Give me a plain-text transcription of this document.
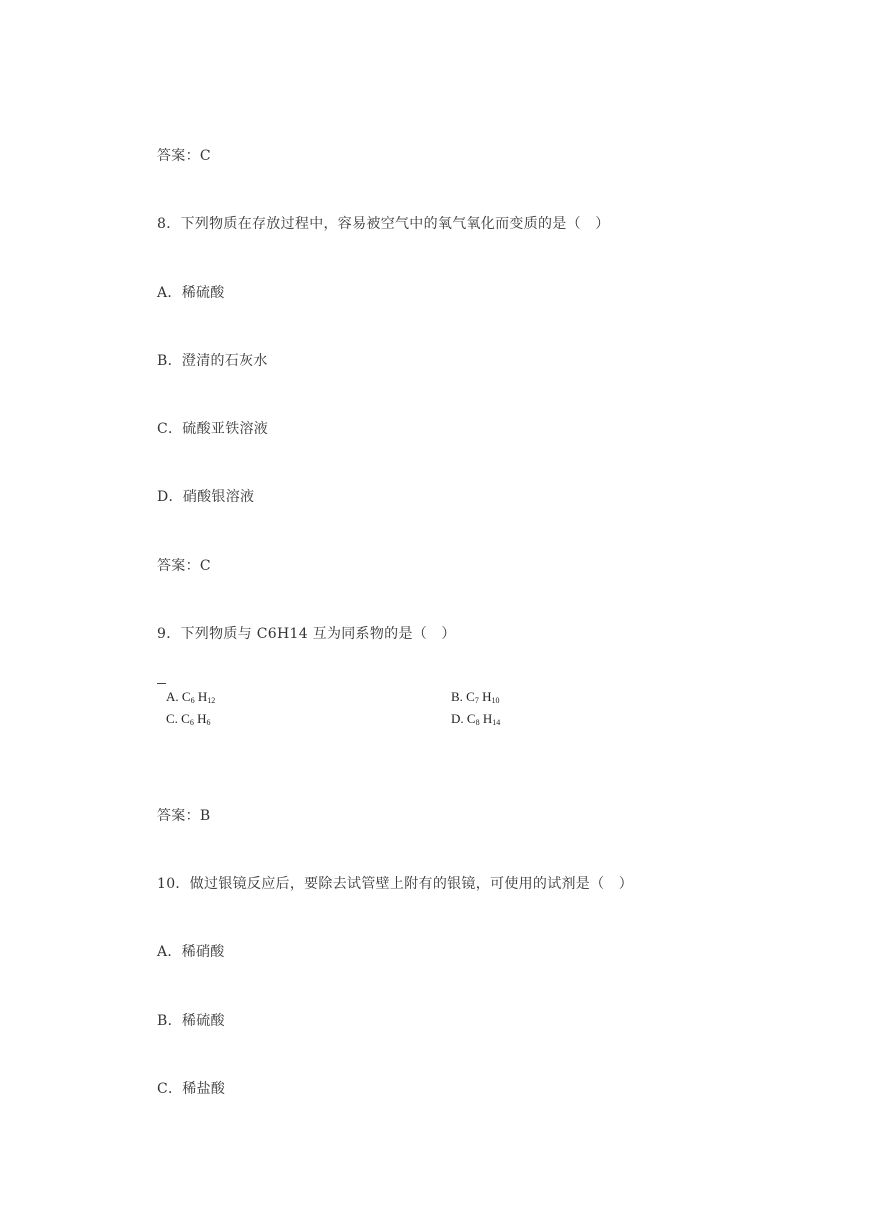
答案：C
8．下列物质在存放过程中，容易被空气中的氧气氧化而变质的是（　）
A．稀硫酸
B．澄清的石灰水
C．硫酸亚铁溶液
D．硝酸银溶液
答案：C
9．下列物质与 C6H14 互为同系物的是（　）
A. $C_6$ $H_{12}$	B. $C_7$ $H_{10}$
C. $C_6$ $H_6$	D. $C_8$ $H_{14}$
答案：B
10．做过银镜反应后，要除去试管壁上附有的银镜，可使用的试剂是（　）
A．稀硝酸
B．稀硫酸
C．稀盐酸
